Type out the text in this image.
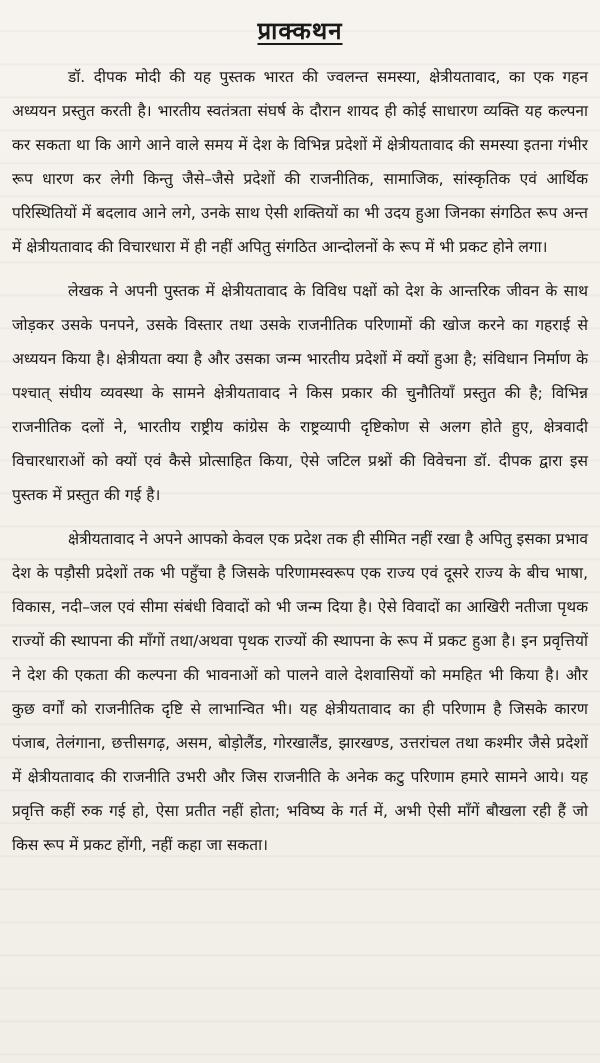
प्राक्कथन

डॉ. दीपक मोदी की यह पुस्तक भारत की ज्वलन्त समस्या, क्षेत्रीयतावाद, का एक गहन अध्ययन प्रस्तुत करती है। भारतीय स्वतंत्रता संघर्ष के दौरान शायद ही कोई साधारण व्यक्ति यह कल्पना कर सकता था कि आगे आने वाले समय में देश के विभिन्न प्रदेशों में क्षेत्रीयतावाद की समस्या इतना गंभीर रूप धारण कर लेगी किन्तु जैसे–जैसे प्रदेशों की राजनीतिक, सामाजिक, सांस्कृतिक एवं आर्थिक परिस्थितियों में बदलाव आने लगे, उनके साथ ऐसी शक्तियों का भी उदय हुआ जिनका संगठित रूप अन्त में क्षेत्रीयतावाद की विचारधारा में ही नहीं अपितु संगठित आन्दोलनों के रूप में भी प्रकट होने लगा।

लेखक ने अपनी पुस्तक में क्षेत्रीयतावाद के विविध पक्षों को देश के आन्तरिक जीवन के साथ जोड़कर उसके पनपने, उसके विस्तार तथा उसके राजनीतिक परिणामों की खोज करने का गहराई से अध्ययन किया है। क्षेत्रीयता क्या है और उसका जन्म भारतीय प्रदेशों में क्यों हुआ है; संविधान निर्माण के पश्चात् संघीय व्यवस्था के सामने क्षेत्रीयतावाद ने किस प्रकार की चुनौतियाँ प्रस्तुत की है; विभिन्न राजनीतिक दलों ने, भारतीय राष्ट्रीय कांग्रेस के राष्ट्रव्यापी दृष्टिकोण से अलग होते हुए, क्षेत्रवादी विचारधाराओं को क्यों एवं कैसे प्रोत्साहित किया, ऐसे जटिल प्रश्नों की विवेचना डॉ. दीपक द्वारा इस पुस्तक में प्रस्तुत की गई है।

क्षेत्रीयतावाद ने अपने आपको केवल एक प्रदेश तक ही सीमित नहीं रखा है अपितु इसका प्रभाव देश के पड़ौसी प्रदेशों तक भी पहुँचा है जिसके परिणामस्वरूप एक राज्य एवं दूसरे राज्य के बीच भाषा, विकास, नदी–जल एवं सीमा संबंधी विवादों को भी जन्म दिया है। ऐसे विवादों का आखिरी नतीजा पृथक राज्यों की स्थापना की माँगों तथा/अथवा पृथक राज्यों की स्थापना के रूप में प्रकट हुआ है। इन प्रवृत्तियों ने देश की एकता की कल्पना की भावनाओं को पालने वाले देशवासियों को ममहित भी किया है। और कुछ वर्गों को राजनीतिक दृष्टि से लाभान्वित भी। यह क्षेत्रीयतावाद का ही परिणाम है जिसके कारण पंजाब, तेलंगाना, छत्तीसगढ़, असम, बोड़ोलैंड, गोरखालैंड, झारखण्ड, उत्तरांचल तथा कश्मीर जैसे प्रदेशों में क्षेत्रीयतावाद की राजनीति उभरी और जिस राजनीति के अनेक कटु परिणाम हमारे सामने आये। यह प्रवृत्ति कहीं रुक गई हो, ऐसा प्रतीत नहीं होता; भविष्य के गर्त में, अभी ऐसी माँगें बौखला रही हैं जो किस रूप में प्रकट होंगी, नहीं कहा जा सकता।
